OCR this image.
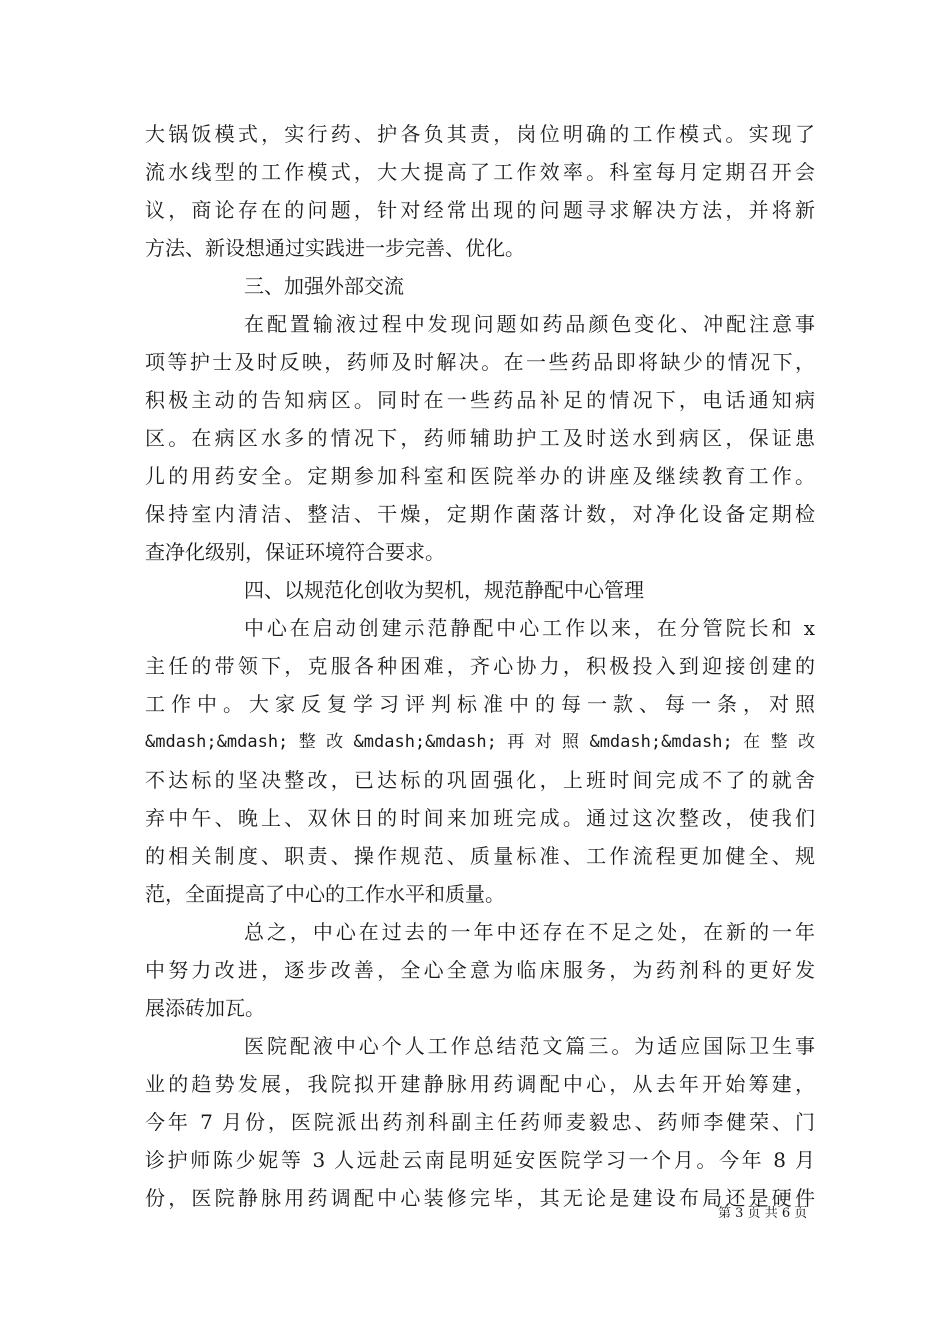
大锅饭模式，实行药、护各负其责，岗位明确的工作模式。实现了
流水线型的工作模式，大大提高了工作效率。科室每月定期召开会
议，商论存在的问题，针对经常出现的问题寻求解决方法，并将新
方法、新设想通过实践进一步完善、优化。
三、加强外部交流
在配置输液过程中发现问题如药品颜色变化、冲配注意事
项等护士及时反映，药师及时解决。在一些药品即将缺少的情况下，
积极主动的告知病区。同时在一些药品补足的情况下，电话通知病
区。在病区水多的情况下，药师辅助护工及时送水到病区，保证患
儿的用药安全。定期参加科室和医院举办的讲座及继续教育工作。
保持室内清洁、整洁、干燥，定期作菌落计数，对净化设备定期检
查净化级别，保证环境符合要求。
四、以规范化创收为契机，规范静配中心管理
中心在启动创建示范静配中心工作以来，在分管院长和 x
主任的带领下，克服各种困难，齐心协力，积极投入到迎接创建的
工作中。大家反复学习评判标准中的每一款、每一条，对照
&mdash;&mdash;整改&mdash;&mdash;再对照&mdash;&mdash;在整改
不达标的坚决整改，已达标的巩固强化，上班时间完成不了的就舍
弃中午、晚上、双休日的时间来加班完成。通过这次整改，使我们
的相关制度、职责、操作规范、质量标准、工作流程更加健全、规
范，全面提高了中心的工作水平和质量。
总之，中心在过去的一年中还存在不足之处，在新的一年
中努力改进，逐步改善，全心全意为临床服务，为药剂科的更好发
展添砖加瓦。
医院配液中心个人工作总结范文篇三。为适应国际卫生事
业的趋势发展，我院拟开建静脉用药调配中心，从去年开始筹建，
今年 7 月份，医院派出药剂科副主任药师麦毅忠、药师李健荣、门
诊护师陈少妮等 3 人远赴云南昆明延安医院学习一个月。今年 8 月
份，医院静脉用药调配中心装修完毕，其无论是建设布局还是硬件
第 3 页 共 6 页
